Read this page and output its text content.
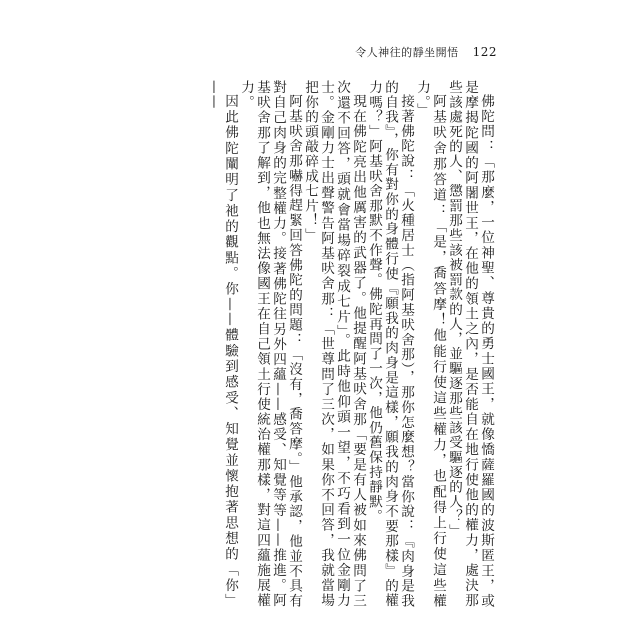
令人神往的靜坐開悟 122

佛陀問：「那麼，一位神聖、尊貴的勇士國王，就像憍薩羅國的波斯匿王，或是摩揭陀國的阿闍世王，在他的領土之內，是否能自在地行使他的權力，處決那些該處死的人、懲罰那些該被罰款的人，並驅逐那些該受驅逐的人？」

阿基吠舍那答道：「是，喬答摩！他能行使這些權力，也配得上行使這些權力。」

接著佛陀說：「火種居士（指阿基吠舍那），那你怎麼想？當你說：『肉身是我的自我』，你有對你的身體行使『願我的肉身是這樣，願我的肉身不要那樣』的權力嗎？」阿基吠舍那默不作聲。佛陀再問了一次，他仍舊保持靜默。

現在佛陀亮出他厲害的武器了。他提醒阿基吠舍那「要是有人被如來佛問了三次還不回答，頭就會當場碎裂成七片」。此時他仰頭一望，不巧看到一位金剛力士。金剛力士出聲警告阿基吠舍那：「世尊問了三次，如果你不回答，我就當場把你的頭敲碎成七片！」

阿基吠舍那嚇得趕緊回答佛陀的問題：「沒有，喬答摩。」他承認，他並不具有對自己肉身的完整權力。接著佛陀往另外四蘊——感受、知覺等等——推進。阿基吠舍那了解到，他也無法像國王在自己領土行使統治權那樣，對這四蘊施展權力。

因此佛陀闡明了祂的觀點。你——體驗到感受、知覺並懷抱著思想的「你」——
